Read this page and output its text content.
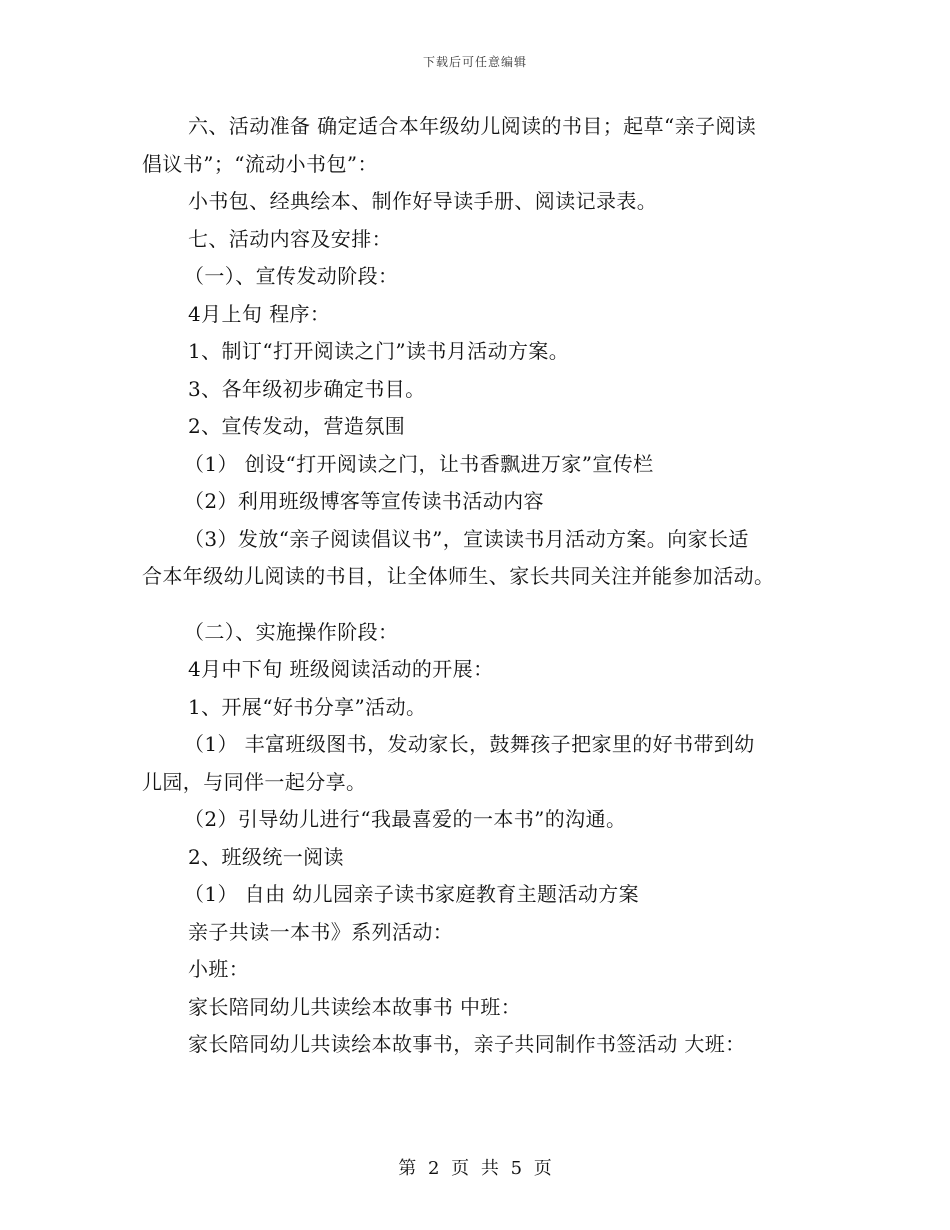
下载后可任意编辑

六、活动准备 确定适合本年级幼儿阅读的书目；起草“亲子阅读

倡议书”；“流动小书包”：

小书包、经典绘本、制作好导读手册、阅读记录表。

七、活动内容及安排：

（一）、宣传发动阶段：

4月上旬 程序：

1、制订“打开阅读之门”读书月活动方案。

3、各年级初步确定书目。

2、宣传发动，营造氛围

（1） 创设“打开阅读之门，让书香飘进万家”宣传栏

（2）利用班级博客等宣传读书活动内容

（3）发放“亲子阅读倡议书”，宣读读书月活动方案。向家长适

合本年级幼儿阅读的书目，让全体师生、家长共同关注并能参加活动。

（二）、实施操作阶段：

4月中下旬 班级阅读活动的开展：

1、开展“好书分享”活动。

（1） 丰富班级图书，发动家长，鼓舞孩子把家里的好书带到幼

儿园，与同伴一起分享。

（2）引导幼儿进行“我最喜爱的一本书”的沟通。

2、班级统一阅读

（1） 自由 幼儿园亲子读书家庭教育主题活动方案

亲子共读一本书》系列活动：

小班：

家长陪同幼儿共读绘本故事书 中班：

家长陪同幼儿共读绘本故事书，亲子共同制作书签活动 大班：

第 2 页 共 5 页
